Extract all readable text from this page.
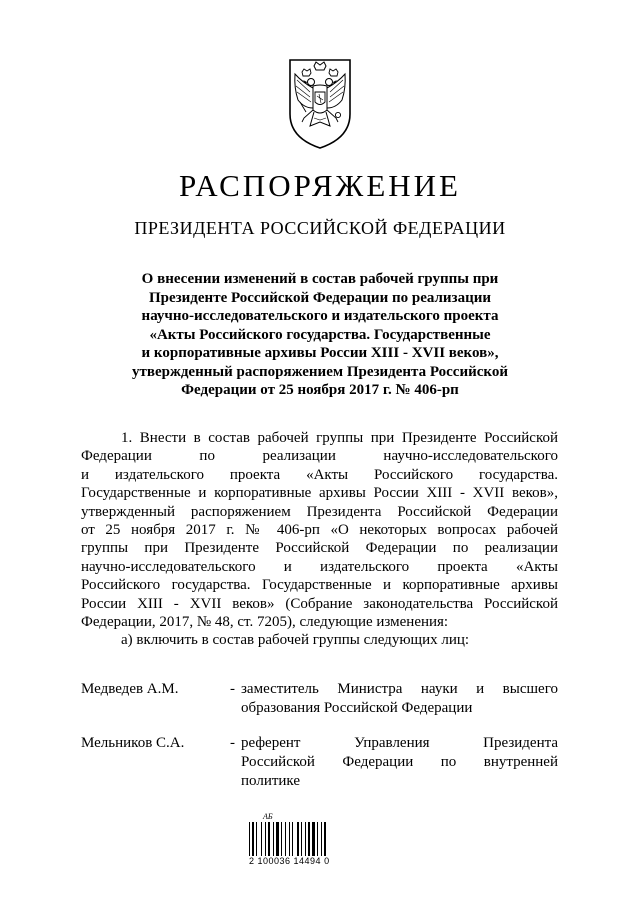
РАСПОРЯЖЕНИЕ
ПРЕЗИДЕНТА РОССИЙСКОЙ ФЕДЕРАЦИИ
О внесении изменений в состав рабочей группы при
Президенте Российской Федерации по реализации
научно-исследовательского и издательского проекта
«Акты Российского государства. Государственные
и корпоративные архивы России XIII - XVII веков»,
утвержденный распоряжением Президента Российской
Федерации от 25 ноября 2017 г. № 406-рп
1. Внести в состав рабочей группы при Президенте Российской
Федерации по реализации научно-исследовательского
и издательского проекта «Акты Российского государства.
Государственные и корпоративные архивы России XIII - XVII веков»,
утвержденный распоряжением Президента Российской Федерации
от 25 ноября 2017 г. № 406-рп «О некоторых вопросах рабочей
группы при Президенте Российской Федерации по реализации
научно-исследовательского и издательского проекта «Акты
Российского государства. Государственные и корпоративные архивы
России XIII - XVII веков» (Собрание законодательства Российской
Федерации, 2017, № 48, ст. 7205), следующие изменения:
а) включить в состав рабочей группы следующих лиц:
Медведев А.М.	- заместитель Министра науки и высшего
образования Российской Федерации
Мельников С.А.	- референт Управления Президента
Российской Федерации по внутренней
политике
АБ
2 100036 14494 0
